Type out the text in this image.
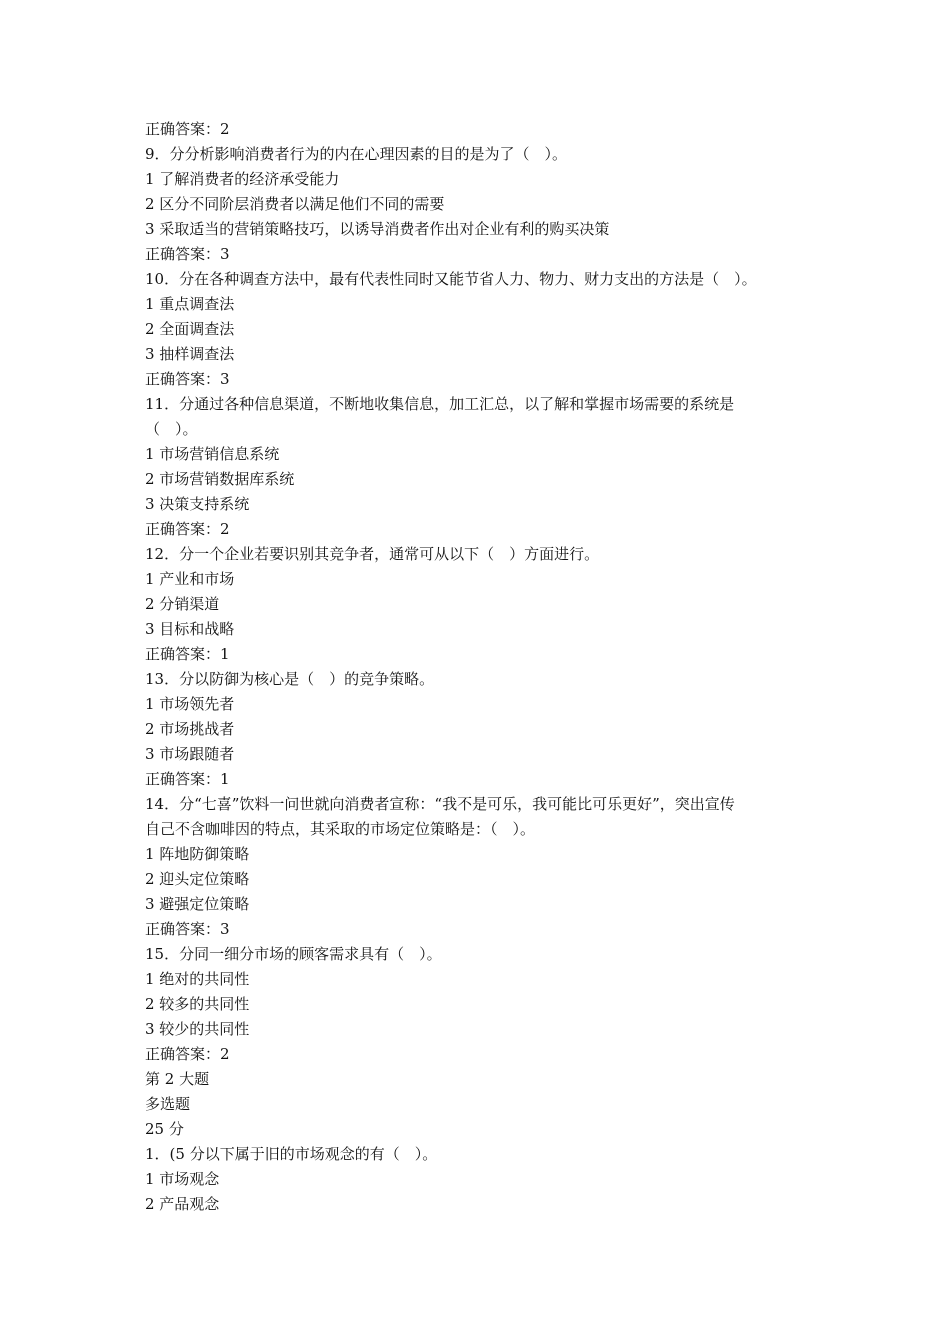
正确答案：2
9．分分析影响消费者行为的内在心理因素的目的是为了（　）。
1 了解消费者的经济承受能力
2 区分不同阶层消费者以满足他们不同的需要
3 采取适当的营销策略技巧，以诱导消费者作出对企业有利的购买决策
正确答案：3
10．分在各种调查方法中，最有代表性同时又能节省人力、物力、财力支出的方法是（　）。
1 重点调查法
2 全面调查法
3 抽样调查法
正确答案：3
11．分通过各种信息渠道，不断地收集信息，加工汇总，以了解和掌握市场需要的系统是
（　）。
1 市场营销信息系统
2 市场营销数据库系统
3 决策支持系统
正确答案：2
12．分一个企业若要识别其竞争者，通常可从以下（　）方面进行。
1 产业和市场
2 分销渠道
3 目标和战略
正确答案：1
13．分以防御为核心是（　）的竞争策略。
1 市场领先者
2 市场挑战者
3 市场跟随者
正确答案：1
14．分“七喜”饮料一问世就向消费者宣称：“我不是可乐，我可能比可乐更好”，突出宣传
自己不含咖啡因的特点，其采取的市场定位策略是：（　）。
1 阵地防御策略
2 迎头定位策略
3 避强定位策略
正确答案：3
15．分同一细分市场的顾客需求具有（　）。
1 绝对的共同性
2 较多的共同性
3 较少的共同性
正确答案：2
第 2 大题
多选题
25 分
1．(5 分以下属于旧的市场观念的有（　）。
1 市场观念
2 产品观念
